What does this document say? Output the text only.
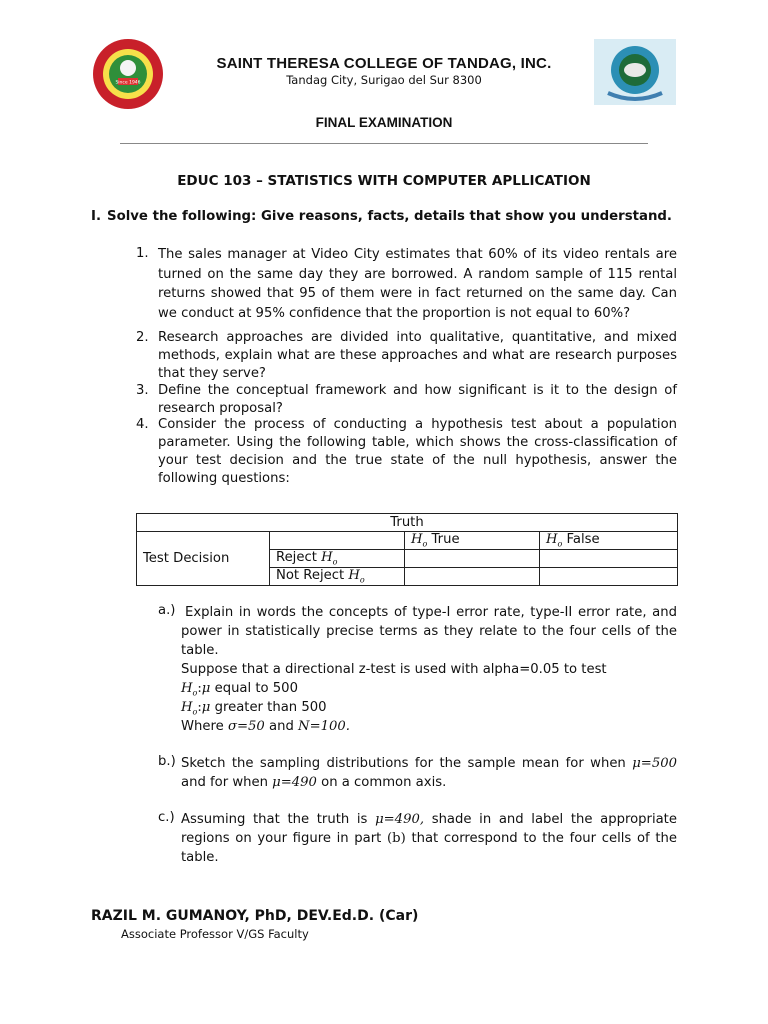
Since 1946
SAINT THERESA COLLEGE OF TANDAG, INC.
Tandag City, Surigao del Sur 8300
FINAL EXAMINATION
EDUC 103 – STATISTICS WITH COMPUTER APLLICATION
I. Solve the following: Give reasons, facts, details that show you understand.
1. The sales manager at Video City estimates that 60% of its video rentals are turned on the same day they are borrowed. A random sample of 115 rental returns showed that 95 of them were in fact returned on the same day. Can we conduct at 95% confidence that the proportion is not equal to 60%?
2. Research approaches are divided into qualitative, quantitative, and mixed methods, explain what are these approaches and what are research purposes that they serve?
3. Define the conceptual framework and how significant is it to the design of research proposal?
4. Consider the process of conducting a hypothesis test about a population parameter. Using the following table, which shows the cross-classification of your test decision and the true state of the null hypothesis, answer the following questions:
Truth			
Test Decision		$H_o$ True	$H_o$ False
	Reject $H_o$		
	Not Reject $H_o$		
a.) Explain in words the concepts of type-I error rate, type-II error rate, and power in statistically precise terms as they relate to the four cells of the table.
Suppose that a directional z-test is used with alpha=0.05 to test
$H_o:\mu$ equal to 500
$H_o:\mu$ greater than 500
Where σ=50 and N=100.
b.) Sketch the sampling distributions for the sample mean for when μ=500 and for when μ=490 on a common axis.
c.) Assuming that the truth is μ=490, shade in and label the appropriate regions on your figure in part (b) that correspond to the four cells of the table.
RAZIL M. GUMANOY, PhD, DEV.Ed.D. (Car)
Associate Professor V/GS Faculty
